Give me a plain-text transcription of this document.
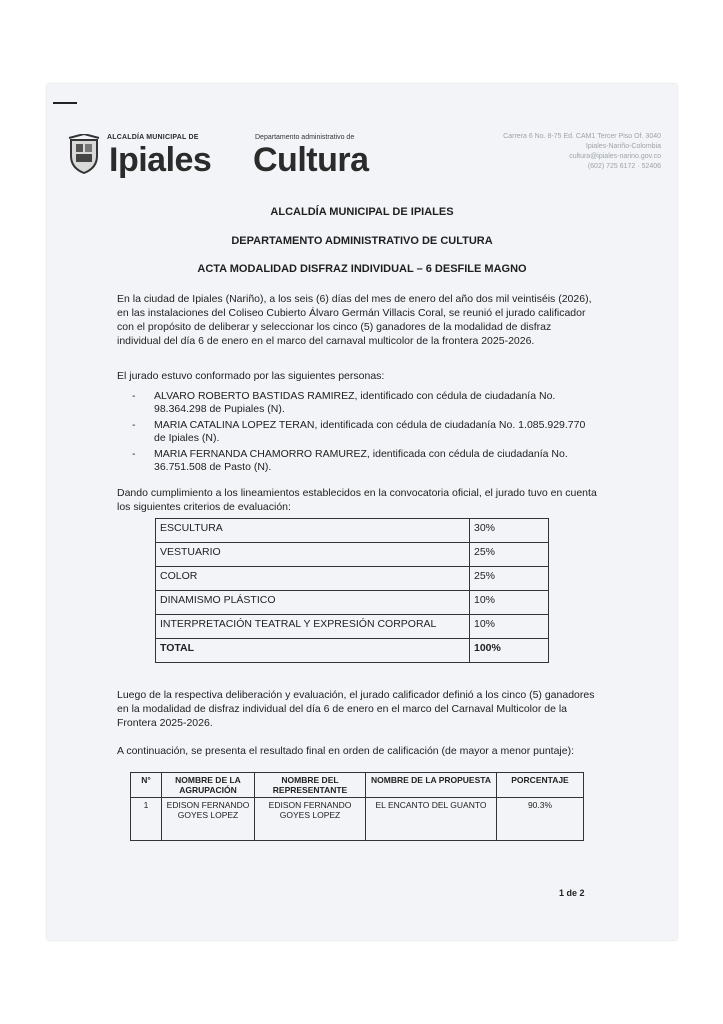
ALCALDÍA MUNICIPAL DE	Departamento administrativo de
Ipiales Cultura
Carrera 6 No. 8-75 Ed. CAM1 Tercer Piso Of. 3040
Ipiales-Nariño-Colombia
cultura@ipiales-narino.gov.co
(602) 725 6172 · 52406
ALCALDÍA MUNICIPAL DE IPIALES
DEPARTAMENTO ADMINISTRATIVO DE CULTURA
ACTA MODALIDAD DISFRAZ INDIVIDUAL – 6 DESFILE MAGNO
En la ciudad de Ipiales (Nariño), a los seis (6) días del mes de enero del año dos mil veintiséis (2026), en las instalaciones del Coliseo Cubierto Álvaro Germán Villacis Coral, se reunió el jurado calificador con el propósito de deliberar y seleccionar los cinco (5) ganadores de la modalidad de disfraz individual del día 6 de enero en el marco del carnaval multicolor de la frontera 2025-2026.
El jurado estuvo conformado por las siguientes personas:
- ALVARO ROBERTO BASTIDAS RAMIREZ, identificado con cédula de ciudadanía No. 98.364.298 de Pupiales (N).
- MARIA CATALINA LOPEZ TERAN, identificada con cédula de ciudadanía No. 1.085.929.770 de Ipiales (N).
- MARIA FERNANDA CHAMORRO RAMUREZ, identificada con cédula de ciudadanía No. 36.751.508 de Pasto (N).
Dando cumplimiento a los lineamientos establecidos en la convocatoria oficial, el jurado tuvo en cuenta los siguientes criterios de evaluación:
ESCULTURA	30%
VESTUARIO	25%
COLOR	25%
DINAMISMO PLÁSTICO	10%
INTERPRETACIÓN TEATRAL Y EXPRESIÓN CORPORAL	10%
TOTAL	100%
Luego de la respectiva deliberación y evaluación, el jurado calificador definió a los cinco (5) ganadores en la modalidad de disfraz individual del día 6 de enero en el marco del Carnaval Multicolor de la Frontera 2025-2026.
A continuación, se presenta el resultado final en orden de calificación (de mayor a menor puntaje):
N°	NOMBRE DE LA AGRUPACIÓN	NOMBRE DEL REPRESENTANTE	NOMBRE DE LA PROPUESTA	PORCENTAJE
1	EDISON FERNANDO GOYES LOPEZ	EDISON FERNANDO GOYES LOPEZ	EL ENCANTO DEL GUANTO	90.3%
1 de 2
